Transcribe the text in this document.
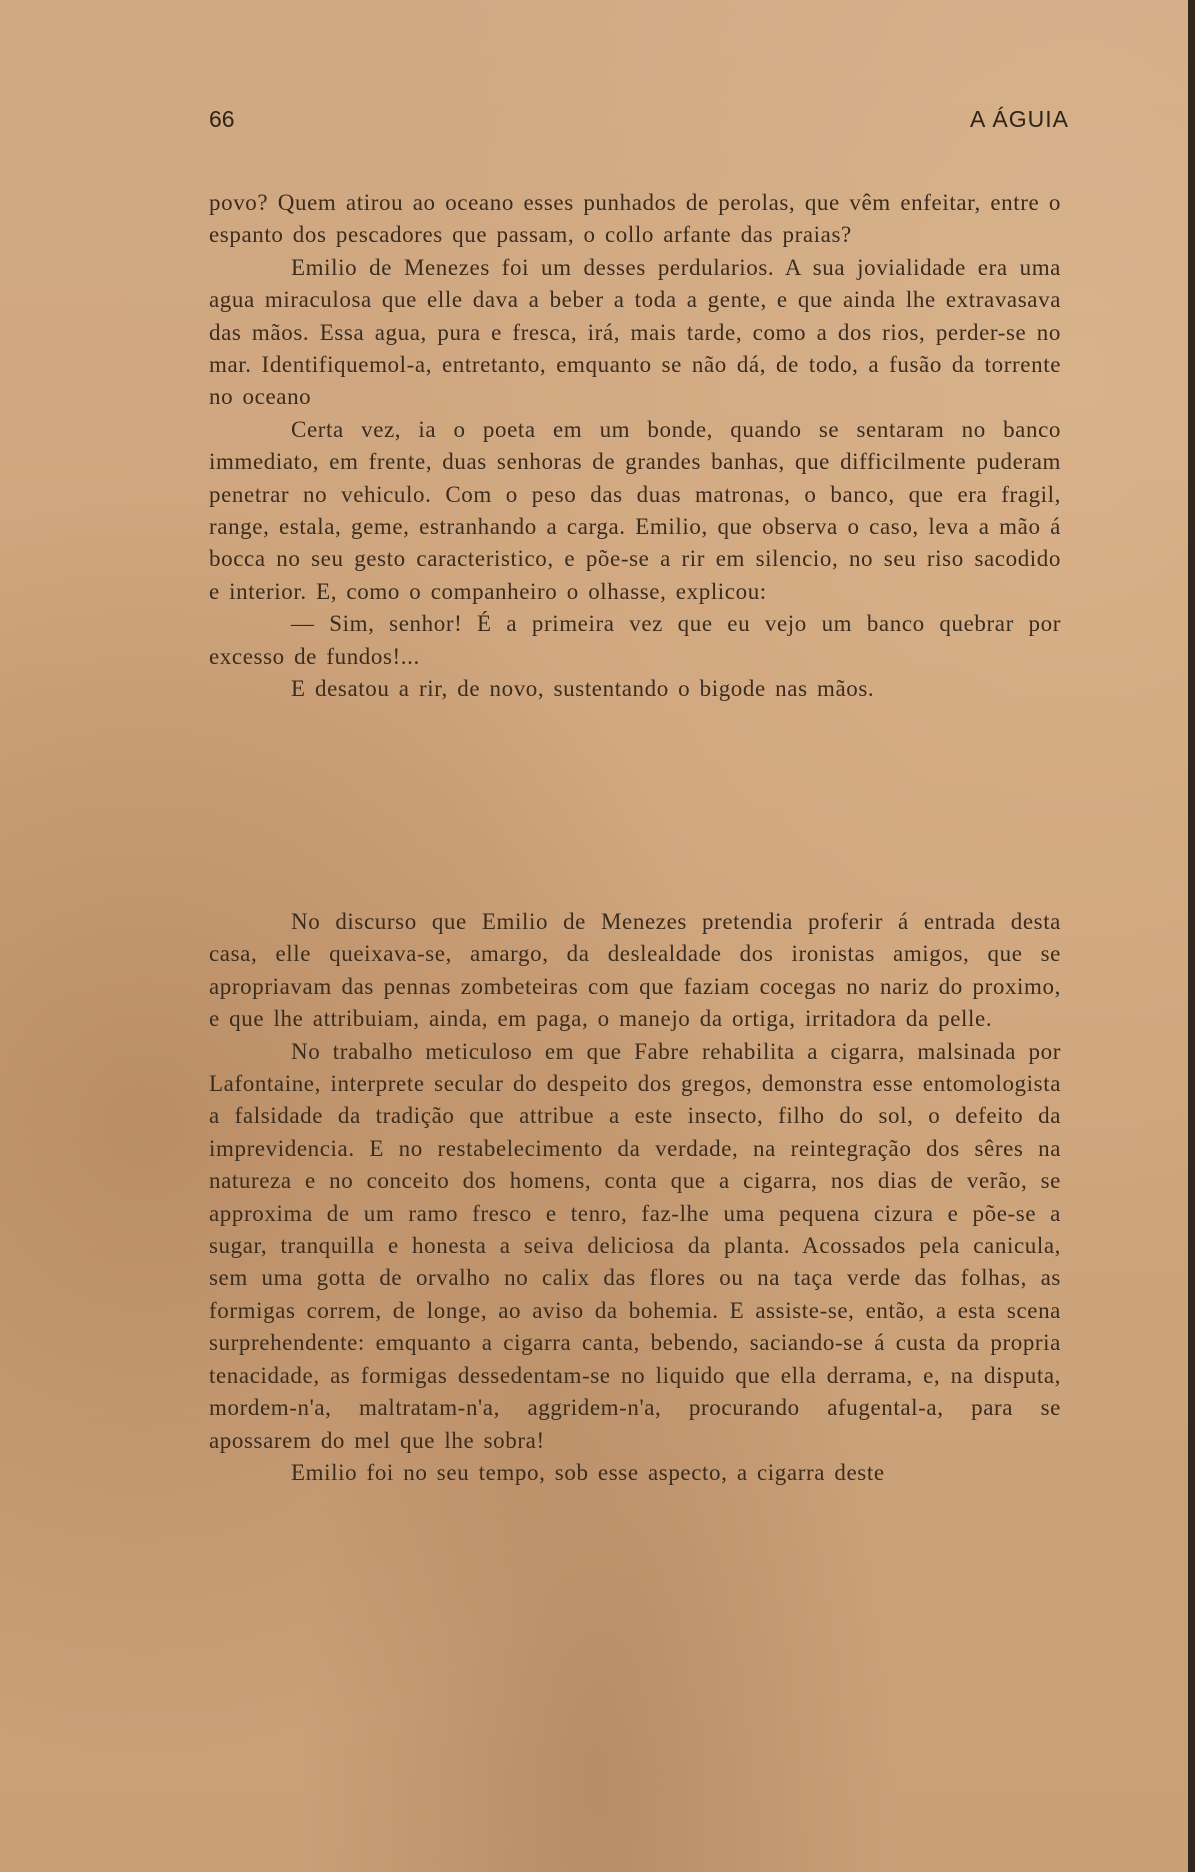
66	A ÁGUIA

povo? Quem atirou ao oceano esses punhados de perolas, que vêm enfeitar, entre o espanto dos pescadores que passam, o collo arfante das praias?

Emilio de Menezes foi um desses perdularios. A sua jovialidade era uma agua miraculosa que elle dava a beber a toda a gente, e que ainda lhe extravasava das mãos. Essa agua, pura e fresca, irá, mais tarde, como a dos rios, perder-se no mar. Identifiquemol-a, entretanto, emquanto se não dá, de todo, a fusão da torrente no oceano

Certa vez, ia o poeta em um bonde, quando se sentaram no banco immediato, em frente, duas senhoras de grandes banhas, que difficilmente puderam penetrar no vehiculo. Com o peso das duas matronas, o banco, que era fragil, range, estala, geme, estranhando a carga. Emilio, que observa o caso, leva a mão á bocca no seu gesto caracteristico, e põe-se a rir em silencio, no seu riso sacodido e interior. E, como o companheiro o olhasse, explicou:

— Sim, senhor! É a primeira vez que eu vejo um banco quebrar por excesso de fundos!...

E desatou a rir, de novo, sustentando o bigode nas mãos.

No discurso que Emilio de Menezes pretendia proferir á entrada desta casa, elle queixava-se, amargo, da deslealdade dos ironistas amigos, que se apropriavam das pennas zombeteiras com que faziam cocegas no nariz do proximo, e que lhe attribuiam, ainda, em paga, o manejo da ortiga, irritadora da pelle.

No trabalho meticuloso em que Fabre rehabilita a cigarra, malsinada por Lafontaine, interprete secular do despeito dos gregos, demonstra esse entomologista a falsidade da tradição que attribue a este insecto, filho do sol, o defeito da imprevidencia. E no restabelecimento da verdade, na reintegração dos sêres na natureza e no conceito dos homens, conta que a cigarra, nos dias de verão, se approxima de um ramo fresco e tenro, faz-lhe uma pequena cizura e põe-se a sugar, tranquilla e honesta a seiva deliciosa da planta. Acossados pela canicula, sem uma gotta de orvalho no calix das flores ou na taça verde das folhas, as formigas correm, de longe, ao aviso da bohemia. E assiste-se, então, a esta scena surprehendente: emquanto a cigarra canta, bebendo, saciando-se á custa da propria tenacidade, as formigas dessedentam-se no liquido que ella derrama, e, na disputa, mordem-n'a, maltratam-n'a, aggridem-n'a, procurando afugental-a, para se apossarem do mel que lhe sobra!

Emilio foi no seu tempo, sob esse aspecto, a cigarra deste
